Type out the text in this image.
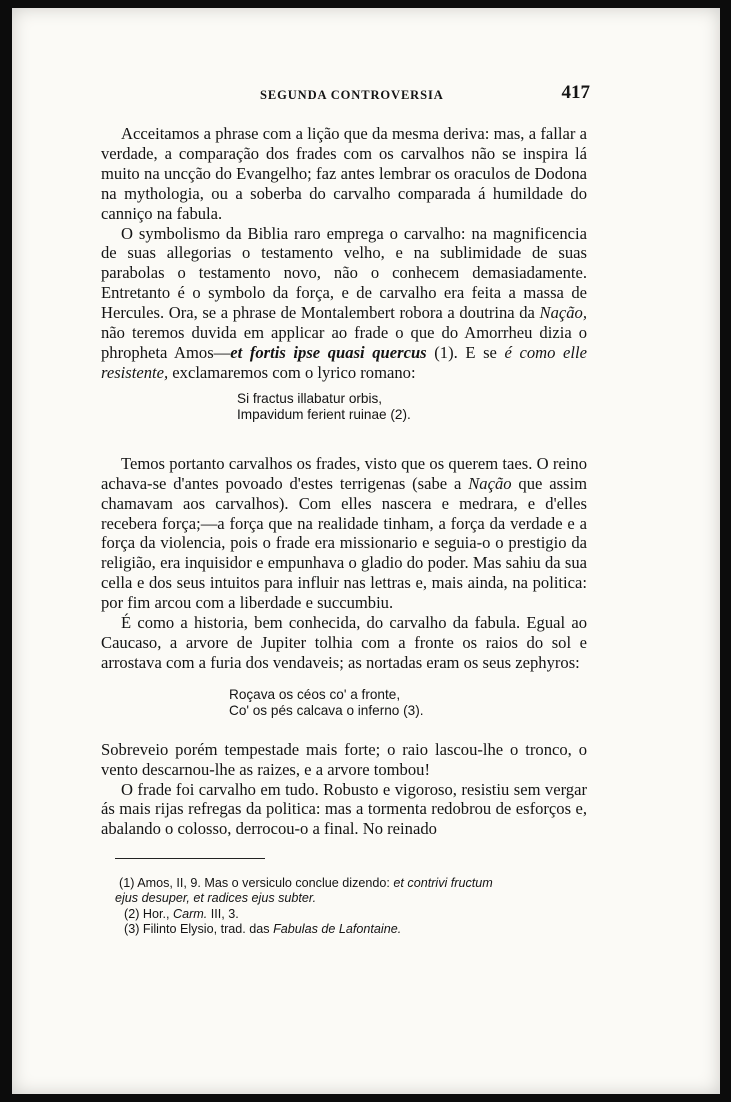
SEGUNDA CONTROVERSIA	417

Acceitamos a phrase com a lição que da mesma deriva: mas, a fallar a verdade, a comparação dos frades com os carvalhos não se inspira lá muito na uncção do Evangelho; faz antes lembrar os oraculos de Dodona na mythologia, ou a soberba do carvalho comparada á humildade do canniço na fabula.

O symbolismo da Biblia raro emprega o carvalho: na magnificencia de suas allegorias o testamento velho, e na sublimidade de suas parabolas o testamento novo, não o conhecem demasiadamente. Entretanto é o symbolo da força, e de carvalho era feita a massa de Hercules. Ora, se a phrase de Montalembert robora a doutrina da Nação, não teremos duvida em applicar ao frade o que do Amorrheu dizia o phropheta Amos—et fortis ipse quasi quercus (1). E se é como elle resistente, exclamaremos com o lyrico romano:

Si fractus illabatur orbis,
Impavidum ferient ruinae (2).

Temos portanto carvalhos os frades, visto que os querem taes. O reino achava-se d'antes povoado d'estes terrigenas (sabe a Nação que assim chamavam aos carvalhos). Com elles nascera e medrara, e d'elles recebera força;—a força que na realidade tinham, a força da verdade e a força da violencia, pois o frade era missionario e seguia-o o prestigio da religião, era inquisidor e empunhava o gladio do poder. Mas sahiu da sua cella e dos seus intuitos para influir nas lettras e, mais ainda, na politica: por fim arcou com a liberdade e succumbiu.

É como a historia, bem conhecida, do carvalho da fabula. Egual ao Caucaso, a arvore de Jupiter tolhia com a fronte os raios do sol e arrostava com a furia dos vendaveis; as nortadas eram os seus zephyros:

Roçava os céos co' a fronte,
Co' os pés calcava o inferno (3).

Sobreveio porém tempestade mais forte; o raio lascou-lhe o tronco, o vento descarnou-lhe as raizes, e a arvore tombou!

O frade foi carvalho em tudo. Robusto e vigoroso, resistiu sem vergar ás mais rijas refregas da politica: mas a tormenta redobrou de esforços e, abalando o colosso, derrocou-o a final. No reinado

(1) Amos, II, 9. Mas o versiculo conclue dizendo: et contrivi fructum

ejus desuper, et radices ejus subter.

(2) Hor., Carm. III, 3.

(3) Filinto Elysio, trad. das Fabulas de Lafontaine.
